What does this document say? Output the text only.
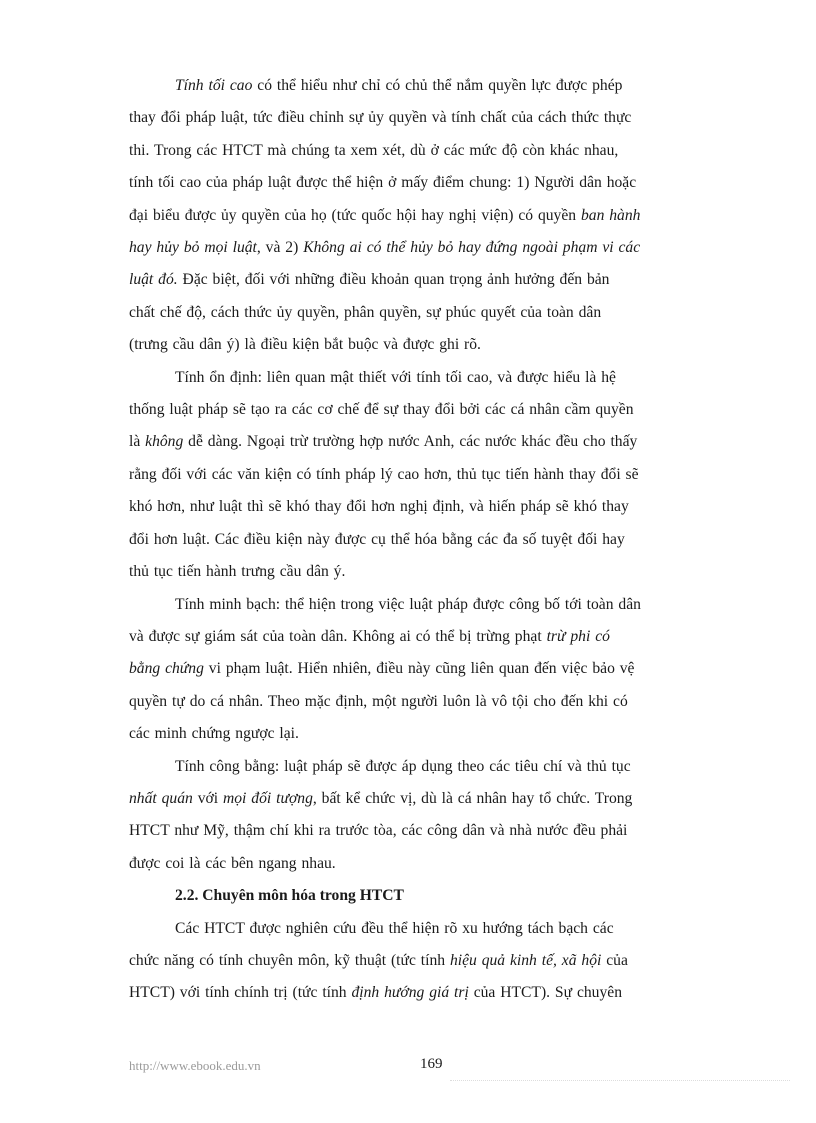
Tính tối cao có thể hiểu như chỉ có chủ thể nắm quyền lực được phép
thay đổi pháp luật, tức điều chỉnh sự ủy quyền và tính chất của cách thức thực
thi. Trong các HTCT mà chúng ta xem xét, dù ở các mức độ còn khác nhau,
tính tối cao của pháp luật được thể hiện ở mấy điểm chung: 1) Người dân hoặc
đại biểu được ủy quyền của họ (tức quốc hội hay nghị viện) có quyền ban hành
hay hủy bỏ mọi luật, và 2) Không ai có thể hủy bỏ hay đứng ngoài phạm vi các
luật đó. Đặc biệt, đối với những điều khoản quan trọng ảnh hưởng đến bản
chất chế độ, cách thức ủy quyền, phân quyền, sự phúc quyết của toàn dân
(trưng cầu dân ý) là điều kiện bắt buộc và được ghi rõ.

Tính ổn định: liên quan mật thiết với tính tối cao, và được hiểu là hệ
thống luật pháp sẽ tạo ra các cơ chế để sự thay đổi bởi các cá nhân cầm quyền
là không dễ dàng. Ngoại trừ trường hợp nước Anh, các nước khác đều cho thấy
rằng đối với các văn kiện có tính pháp lý cao hơn, thủ tục tiến hành thay đổi sẽ
khó hơn, như luật thì sẽ khó thay đổi hơn nghị định, và hiến pháp sẽ khó thay
đổi hơn luật. Các điều kiện này được cụ thể hóa bằng các đa số tuyệt đối hay
thủ tục tiến hành trưng cầu dân ý.

Tính minh bạch: thể hiện trong việc luật pháp được công bố tới toàn dân
và được sự giám sát của toàn dân. Không ai có thể bị trừng phạt trừ phi có
bằng chứng vi phạm luật. Hiển nhiên, điều này cũng liên quan đến việc bảo vệ
quyền tự do cá nhân. Theo mặc định, một người luôn là vô tội cho đến khi có
các minh chứng ngược lại.

Tính công bằng: luật pháp sẽ được áp dụng theo các tiêu chí và thủ tục
nhất quán với mọi đối tượng, bất kể chức vị, dù là cá nhân hay tổ chức. Trong
HTCT như Mỹ, thậm chí khi ra trước tòa, các công dân và nhà nước đều phải
được coi là các bên ngang nhau.

2.2. Chuyên môn hóa trong HTCT

Các HTCT được nghiên cứu đều thể hiện rõ xu hướng tách bạch các
chức năng có tính chuyên môn, kỹ thuật (tức tính hiệu quả kinh tế, xã hội của
HTCT) với tính chính trị (tức tính định hướng giá trị của HTCT). Sự chuyên

http://www.ebook.edu.vn	169
